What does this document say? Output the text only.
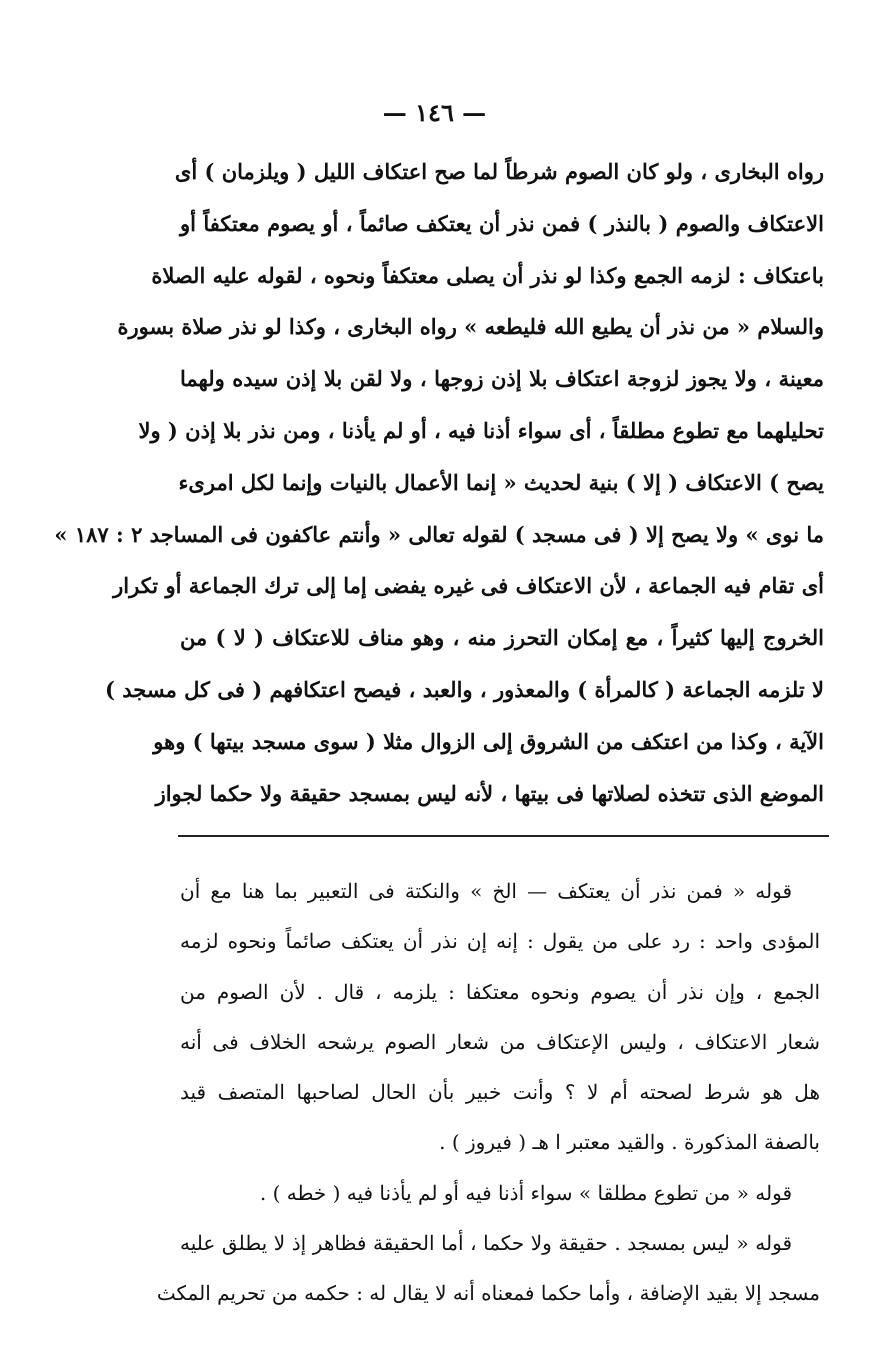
— ١٤٦ —
رواه البخارى ، ولو كان الصوم شرطاً لما صح اعتكاف الليل ( ويلزمان ) أى
الاعتكاف والصوم ( بالنذر ) فمن نذر أن يعتكف صائماً ، أو يصوم معتكفاً أو
باعتكاف : لزمه الجمع وكذا لو نذر أن يصلى معتكفاً ونحوه ، لقوله عليه الصلاة
والسلام « من نذر أن يطيع الله فليطعه » رواه البخارى ، وكذا لو نذر صلاة بسورة
معينة ، ولا يجوز لزوجة اعتكاف بلا إذن زوجها ، ولا لقن بلا إذن سيده ولهما
تحليلهما مع تطوع مطلقاً ، أى سواء أذنا فيه ، أو لم يأذنا ، ومن نذر بلا إذن ( ولا
يصح ) الاعتكاف ( إلا ) بنية لحديث « إنما الأعمال بالنيات وإنما لكل امرىء
ما نوى » ولا يصح إلا ( فى مسجد ) لقوله تعالى « وأنتم عاكفون فى المساجد ٢ : ١٨٧ »
أى تقام فيه الجماعة ، لأن الاعتكاف فى غيره يفضى إما إلى ترك الجماعة أو تكرار
الخروج إليها كثيراً ، مع إمكان التحرز منه ، وهو مناف للاعتكاف ( لا ) من
لا تلزمه الجماعة ( كالمرأة ) والمعذور ، والعبد ، فيصح اعتكافهم ( فى كل مسجد )
الآية ، وكذا من اعتكف من الشروق إلى الزوال مثلا ( سوى مسجد بيتها ) وهو
الموضع الذى تتخذه لصلاتها فى بيتها ، لأنه ليس بمسجد حقيقة ولا حكما لجواز
قوله « فمن نذر أن يعتكف — الخ » والنكتة فى التعبير بما هنا مع أن
المؤدى واحد : رد على من يقول : إنه إن نذر أن يعتكف صائماً ونحوه لزمه
الجمع ، وإن نذر أن يصوم ونحوه معتكفا : يلزمه ، قال . لأن الصوم من
شعار الاعتكاف ، وليس الإعتكاف من شعار الصوم يرشحه الخلاف فى أنه
هل هو شرط لصحته أم لا ؟ وأنت خبير بأن الحال لصاحبها المتصف قيد
بالصفة المذكورة . والقيد معتبر ا هـ ( فيروز ) .
قوله « من تطوع مطلقا » سواء أذنا فيه أو لم يأذنا فيه ( خطه ) .
قوله « ليس بمسجد . حقيقة ولا حكما ، أما الحقيقة فظاهر إذ لا يطلق عليه
مسجد إلا بقيد الإضافة ، وأما حكما فمعناه أنه لا يقال له : حكمه من تحريم المكث
